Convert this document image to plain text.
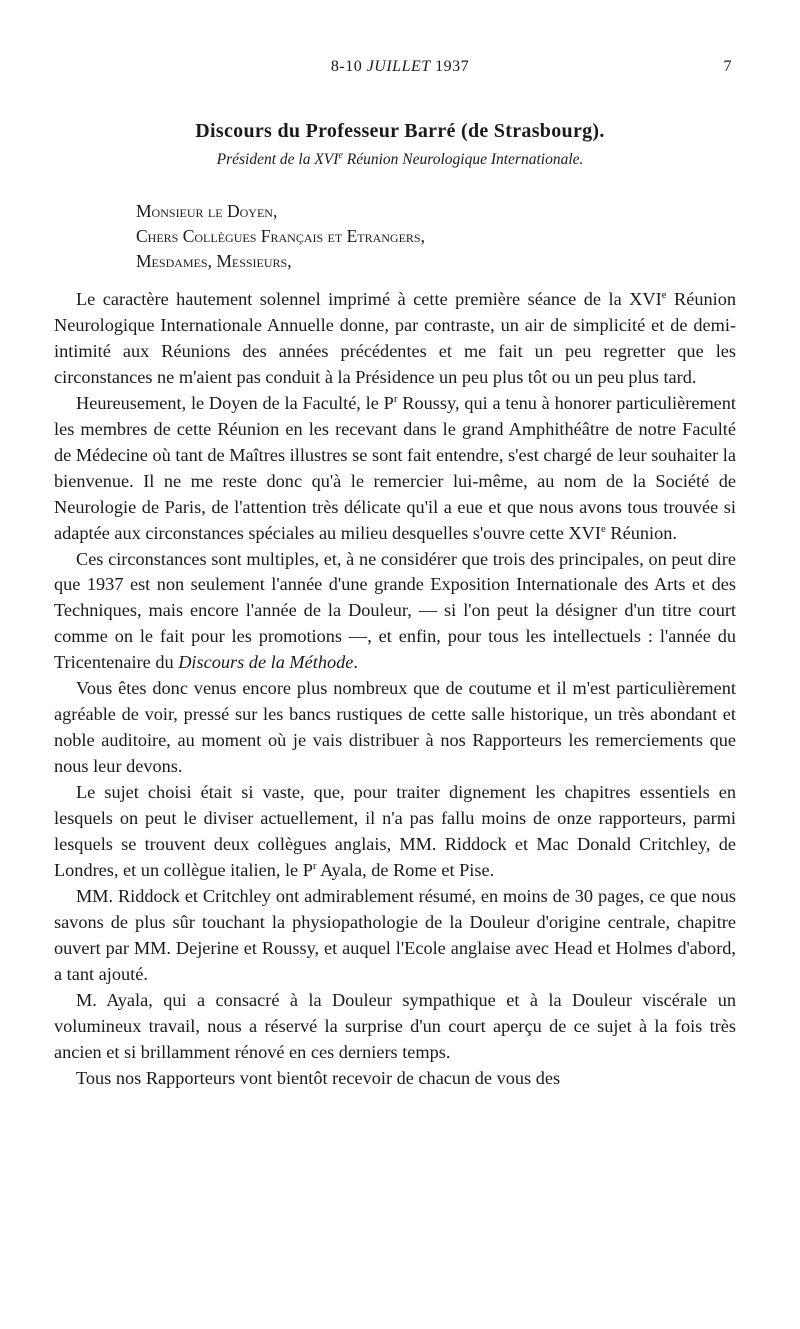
8-10 JUILLET 1937	7
Discours du Professeur Barré (de Strasbourg).
Président de la XVIe Réunion Neurologique Internationale.
Monsieur le Doyen,
Chers Collègues Français et Etrangers,
Mesdames, Messieurs,

Le caractère hautement solennel imprimé à cette première séance de la XVIe Réunion Neurologique Internationale Annuelle donne, par contraste, un air de simplicité et de demi-intimité aux Réunions des années précédentes et me fait un peu regretter que les circonstances ne m'aient pas conduit à la Présidence un peu plus tôt ou un peu plus tard.

Heureusement, le Doyen de la Faculté, le $P^r$ Roussy, qui a tenu à honorer particulièrement les membres de cette Réunion en les recevant dans le grand Amphithéâtre de notre Faculté de Médecine où tant de Maîtres illustres se sont fait entendre, s'est chargé de leur souhaiter la bienvenue. Il ne me reste donc qu'à le remercier lui-même, au nom de la Société de Neurologie de Paris, de l'attention très délicate qu'il a eue et que nous avons tous trouvée si adaptée aux circonstances spéciales au milieu desquelles s'ouvre cette XVIe Réunion.

Ces circonstances sont multiples, et, à ne considérer que trois des principales, on peut dire que 1937 est non seulement l'année d'une grande Exposition Internationale des Arts et des Techniques, mais encore l'année de la Douleur, — si l'on peut la désigner d'un titre court comme on le fait pour les promotions —, et enfin, pour tous les intellectuels : l'année du Tricentenaire du Discours de la Méthode.

Vous êtes donc venus encore plus nombreux que de coutume et il m'est particulièrement agréable de voir, pressé sur les bancs rustiques de cette salle historique, un très abondant et noble auditoire, au moment où je vais distribuer à nos Rapporteurs les remerciements que nous leur devons.

Le sujet choisi était si vaste, que, pour traiter dignement les chapitres essentiels en lesquels on peut le diviser actuellement, il n'a pas fallu moins de onze rapporteurs, parmi lesquels se trouvent deux collègues anglais, MM. Riddock et Mac Donald Critchley, de Londres, et un collègue italien, le $P^r$ Ayala, de Rome et Pise.

MM. Riddock et Critchley ont admirablement résumé, en moins de 30 pages, ce que nous savons de plus sûr touchant la physiopathologie de la Douleur d'origine centrale, chapitre ouvert par MM. Dejerine et Roussy, et auquel l'Ecole anglaise avec Head et Holmes d'abord, a tant ajouté.

M. Ayala, qui a consacré à la Douleur sympathique et à la Douleur viscérale un volumineux travail, nous a réservé la surprise d'un court aperçu de ce sujet à la fois très ancien et si brillamment rénové en ces derniers temps.

Tous nos Rapporteurs vont bientôt recevoir de chacun de vous des
